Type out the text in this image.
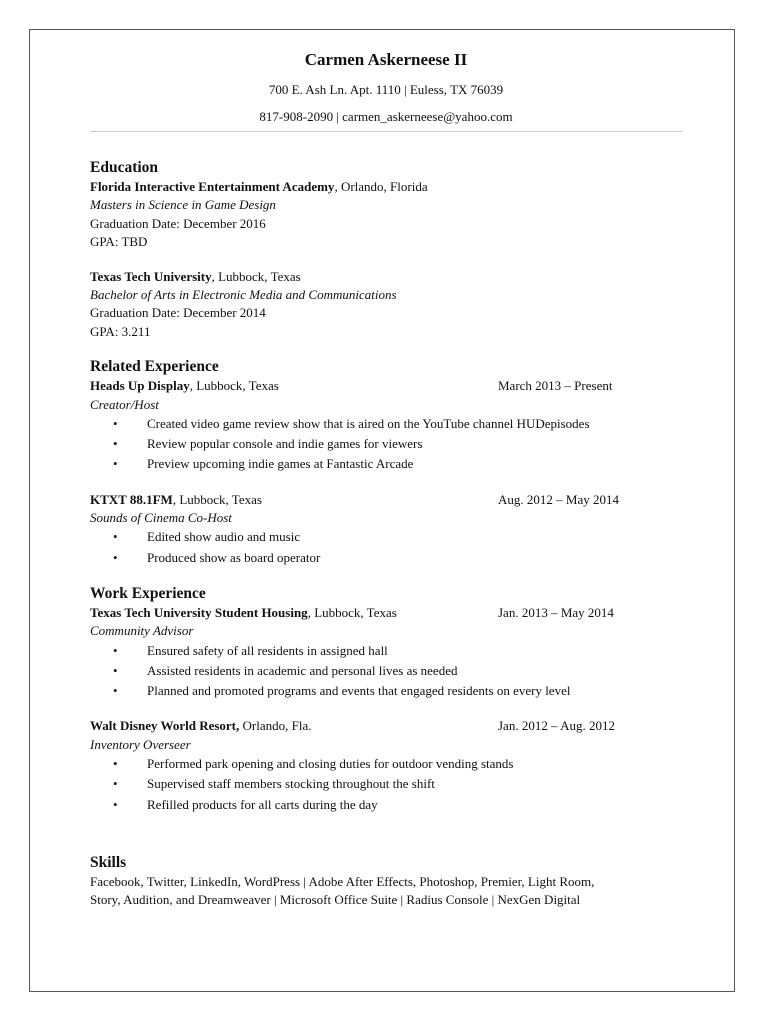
Carmen Askerneese II
700 E. Ash Ln. Apt. 1110 | Euless, TX 76039
817-908-2090 | carmen_askerneese@yahoo.com
Education
Florida Interactive Entertainment Academy, Orlando, Florida
Masters in Science in Game Design
Graduation Date: December 2016
GPA: TBD
Texas Tech University, Lubbock, Texas
Bachelor of Arts in Electronic Media and Communications
Graduation Date: December 2014
GPA: 3.211
Related Experience
Heads Up Display, Lubbock, Texas	March 2013 – Present
Creator/Host
• Created video game review show that is aired on the YouTube channel HUDepisodes
• Review popular console and indie games for viewers
• Preview upcoming indie games at Fantastic Arcade
KTXT 88.1FM, Lubbock, Texas	Aug. 2012 – May 2014
Sounds of Cinema Co-Host
• Edited show audio and music
• Produced show as board operator
Work Experience
Texas Tech University Student Housing, Lubbock, Texas	Jan. 2013 – May 2014
Community Advisor
• Ensured safety of all residents in assigned hall
• Assisted residents in academic and personal lives as needed
• Planned and promoted programs and events that engaged residents on every level
Walt Disney World Resort, Orlando, Fla.	Jan. 2012 – Aug. 2012
Inventory Overseer
• Performed park opening and closing duties for outdoor vending stands
• Supervised staff members stocking throughout the shift
• Refilled products for all carts during the day
Skills
Facebook, Twitter, LinkedIn, WordPress | Adobe After Effects, Photoshop, Premier, Light Room,
Story, Audition, and Dreamweaver | Microsoft Office Suite | Radius Console | NexGen Digital
